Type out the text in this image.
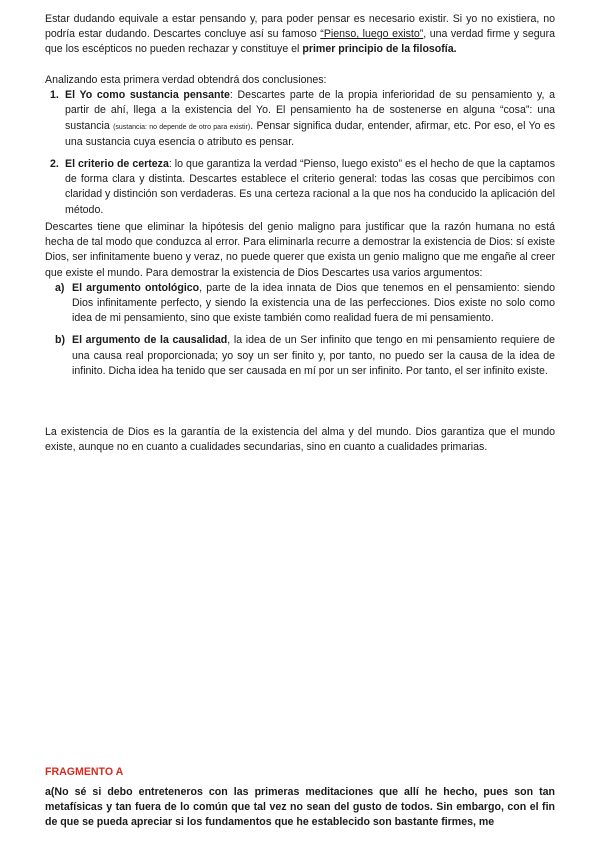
Estar dudando equivale a estar pensando y, para poder pensar es necesario existir. Si yo no existiera, no podría estar dudando. Descartes concluye así su famoso “Pienso, luego existo”, una verdad firme y segura que los escépticos no pueden rechazar y constituye el primer principio de la filosofía.

Analizando esta primera verdad obtendrá dos conclusiones:

1. El Yo como sustancia pensante: Descartes parte de la propia inferioridad de su pensamiento y, a partir de ahí, llega a la existencia del Yo. El pensamiento ha de sostenerse en alguna “cosa”: una sustancia (sustancia: no depende de otro para existir). Pensar significa dudar, entender, afirmar, etc. Por eso, el Yo es una sustancia cuya esencia o atributo es pensar.

2. El criterio de certeza: lo que garantiza la verdad “Pienso, luego existo” es el hecho de que la captamos de forma clara y distinta. Descartes establece el criterio general: todas las cosas que percibimos con claridad y distinción son verdaderas. Es una certeza racional a la que nos ha conducido la aplicación del método.

Descartes tiene que eliminar la hipótesis del genio maligno para justificar que la razón humana no está hecha de tal modo que conduzca al error. Para eliminarla recurre a demostrar la existencia de Dios: sí existe Dios, ser infinitamente bueno y veraz, no puede querer que exista un genio maligno que me engañe al creer que existe el mundo. Para demostrar la existencia de Dios Descartes usa varios argumentos:

a) El argumento ontológico, parte de la idea innata de Dios que tenemos en el pensamiento: siendo Dios infinitamente perfecto, y siendo la existencia una de las perfecciones. Dios existe no solo como idea de mi pensamiento, sino que existe también como realidad fuera de mi pensamiento.

b) El argumento de la causalidad, la idea de un Ser infinito que tengo en mi pensamiento requiere de una causa real proporcionada; yo soy un ser finito y, por tanto, no puedo ser la causa de la idea de infinito. Dicha idea ha tenido que ser causada en mí por un ser infinito. Por tanto, el ser infinito existe.

La existencia de Dios es la garantía de la existencia del alma y del mundo. Dios garantiza que el mundo existe, aunque no en cuanto a cualidades secundarias, sino en cuanto a cualidades primarias.

FRAGMENTO A
a(No sé si debo entreteneros con las primeras meditaciones que allí he hecho, pues son tan metafísicas y tan fuera de lo común que tal vez no sean del gusto de todos. Sin embargo, con el fin de que se pueda apreciar si los fundamentos que he establecido son bastante firmes, me
